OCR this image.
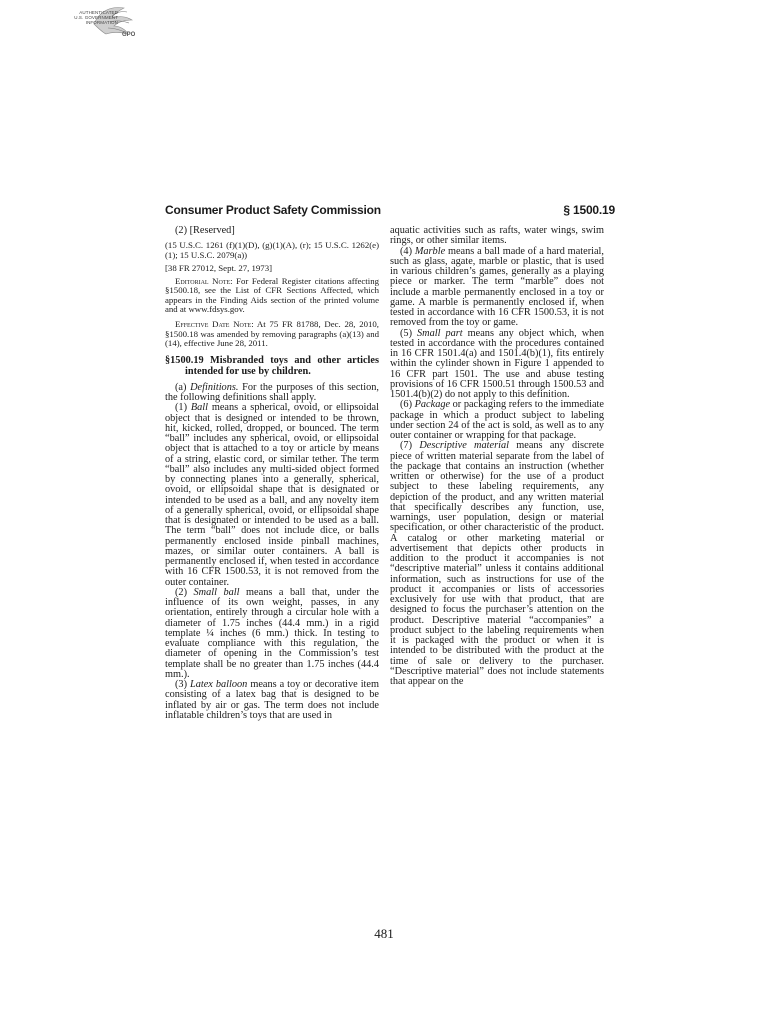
AUTHENTICATED
U.S. GOVERNMENT
INFORMATION
GPO
Consumer Product Safety Commission	§ 1500.19

(2) [Reserved]

(15 U.S.C. 1261 (f)(1)(D), (g)(1)(A), (r); 15 U.S.C. 1262(e)(1); 15 U.S.C. 2079(a))

[38 FR 27012, Sept. 27, 1973]

Editorial Note: For Federal Register citations affecting §1500.18, see the List of CFR Sections Affected, which appears in the Finding Aids section of the printed volume and at www.fdsys.gov.

Effective Date Note: At 75 FR 81788, Dec. 28, 2010, §1500.18 was amended by removing paragraphs (a)(13) and (14), effective June 28, 2011.

§1500.19 Misbranded toys and other articles intended for use by children.

(a) Definitions. For the purposes of this section, the following definitions shall apply.

(1) Ball means a spherical, ovoid, or ellipsoidal object that is designed or intended to be thrown, hit, kicked, rolled, dropped, or bounced. The term “ball” includes any spherical, ovoid, or ellipsoidal object that is attached to a toy or article by means of a string, elastic cord, or similar tether. The term “ball” also includes any multi-sided object formed by connecting planes into a generally, spherical, ovoid, or ellipsoidal shape that is designated or intended to be used as a ball, and any novelty item of a generally spherical, ovoid, or ellipsoidal shape that is designated or intended to be used as a ball. The term “ball” does not include dice, or balls permanently enclosed inside pinball machines, mazes, or similar outer containers. A ball is permanently enclosed if, when tested in accordance with 16 CFR 1500.53, it is not removed from the outer container.

(2) Small ball means a ball that, under the influence of its own weight, passes, in any orientation, entirely through a circular hole with a diameter of 1.75 inches (44.4 mm.) in a rigid template ¼ inches (6 mm.) thick. In testing to evaluate compliance with this regulation, the diameter of opening in the Commission’s test template shall be no greater than 1.75 inches (44.4 mm.).

(3) Latex balloon means a toy or decorative item consisting of a latex bag that is designed to be inflated by air or gas. The term does not include inflatable children’s toys that are used in

aquatic activities such as rafts, water wings, swim rings, or other similar items.

(4) Marble means a ball made of a hard material, such as glass, agate, marble or plastic, that is used in various children’s games, generally as a playing piece or marker. The term “marble” does not include a marble permanently enclosed in a toy or game. A marble is permanently enclosed if, when tested in accordance with 16 CFR 1500.53, it is not removed from the toy or game.

(5) Small part means any object which, when tested in accordance with the procedures contained in 16 CFR 1501.4(a) and 1501.4(b)(1), fits entirely within the cylinder shown in Figure 1 appended to 16 CFR part 1501. The use and abuse testing provisions of 16 CFR 1500.51 through 1500.53 and 1501.4(b)(2) do not apply to this definition.

(6) Package or packaging refers to the immediate package in which a product subject to labeling under section 24 of the act is sold, as well as to any outer container or wrapping for that package.

(7) Descriptive material means any discrete piece of written material separate from the label of the package that contains an instruction (whether written or otherwise) for the use of a product subject to these labeling requirements, any depiction of the product, and any written material that specifically describes any function, use, warnings, user population, design or material specification, or other characteristic of the product. A catalog or other marketing material or advertisement that depicts other products in addition to the product it accompanies is not “descriptive material” unless it contains additional information, such as instructions for use of the product it accompanies or lists of accessories exclusively for use with that product, that are designed to focus the purchaser’s attention on the product. Descriptive material “accompanies” a product subject to the labeling requirements when it is packaged with the product or when it is intended to be distributed with the product at the time of sale or delivery to the purchaser. “Descriptive material” does not include statements that appear on the

481
